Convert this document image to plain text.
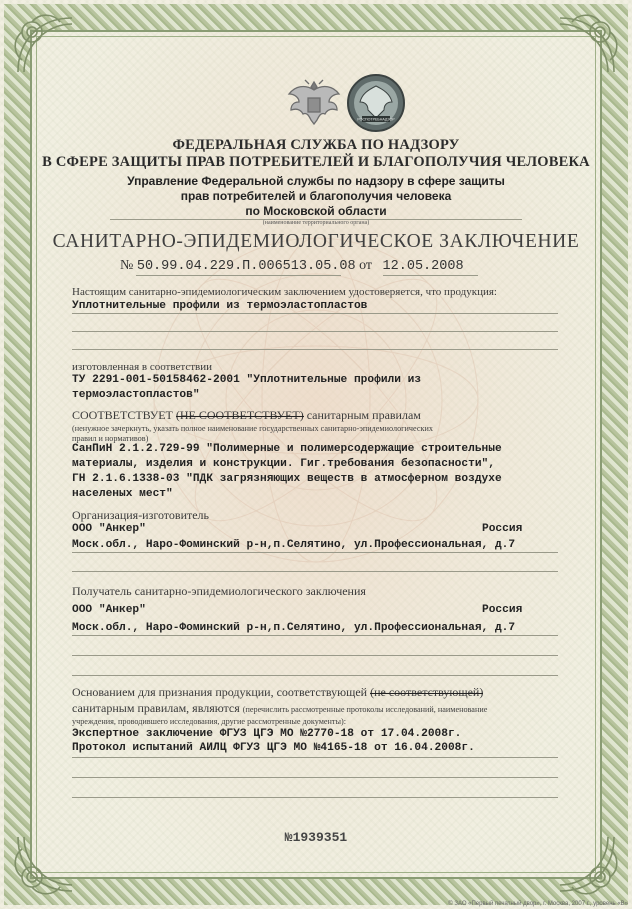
РОСПОТРЕБНАДЗОР
ФЕДЕРАЛЬНАЯ СЛУЖБА ПО НАДЗОРУ
В СФЕРЕ ЗАЩИТЫ ПРАВ ПОТРЕБИТЕЛЕЙ И БЛАГОПОЛУЧИЯ ЧЕЛОВЕКА
Управление Федеральной службы по надзору в сфере защиты
прав потребителей и благополучия человека
по Московской области
(наименование территориального органа)
САНИТАРНО-ЭПИДЕМИОЛОГИЧЕСКОЕ ЗАКЛЮЧЕНИЕ
№ 50.99.04.229.П.006513.05.08 от 12.05.2008
Настоящим санитарно-эпидемиологическим заключением удостоверяется, что продукция:
Уплотнительные профили из термоэластопластов
изготовленная в соответствии
ТУ 2291-001-50158462-2001 "Уплотнительные профили из
термоэластопластов"
СООТВЕТСТВУЕТ (НЕ СООТВЕТСТВУЕТ) санитарным правилам
(ненужное зачеркнуть, указать полное наименование государственных санитарно-эпидемиологических
правил и нормативов)
СанПиН 2.1.2.729-99 "Полимерные и полимерсодержащие строительные
материалы, изделия и конструкции. Гиг.требования безопасности",
ГН 2.1.6.1338-03 "ПДК загрязняющих веществ в атмосферном воздухе
населеных мест"
Организация-изготовитель
ООО "Анкер"	Россия
Моск.обл., Наро-Фоминский р-н,п.Селятино, ул.Профессиональная, д.7
Получатель санитарно-эпидемиологического заключения
ООО "Анкер"	Россия
Моск.обл., Наро-Фоминский р-н,п.Селятино, ул.Профессиональная, д.7
Основанием для признания продукции, соответствующей (не соответствующей)
санитарным правилам, являются (перечислить рассмотренные протоколы исследований, наименование
учреждения, проводившего исследования, другие рассмотренные документы):
Экспертное заключение ФГУЗ ЦГЭ МО №2770-18 от 17.04.2008г.
Протокол испытаний АИЛЦ ФГУЗ ЦГЭ МО №4165-18 от 16.04.2008г.
№1939351
© ЗАО «Первый печатный двор», г. Москва, 2007 г., уровень «В»
